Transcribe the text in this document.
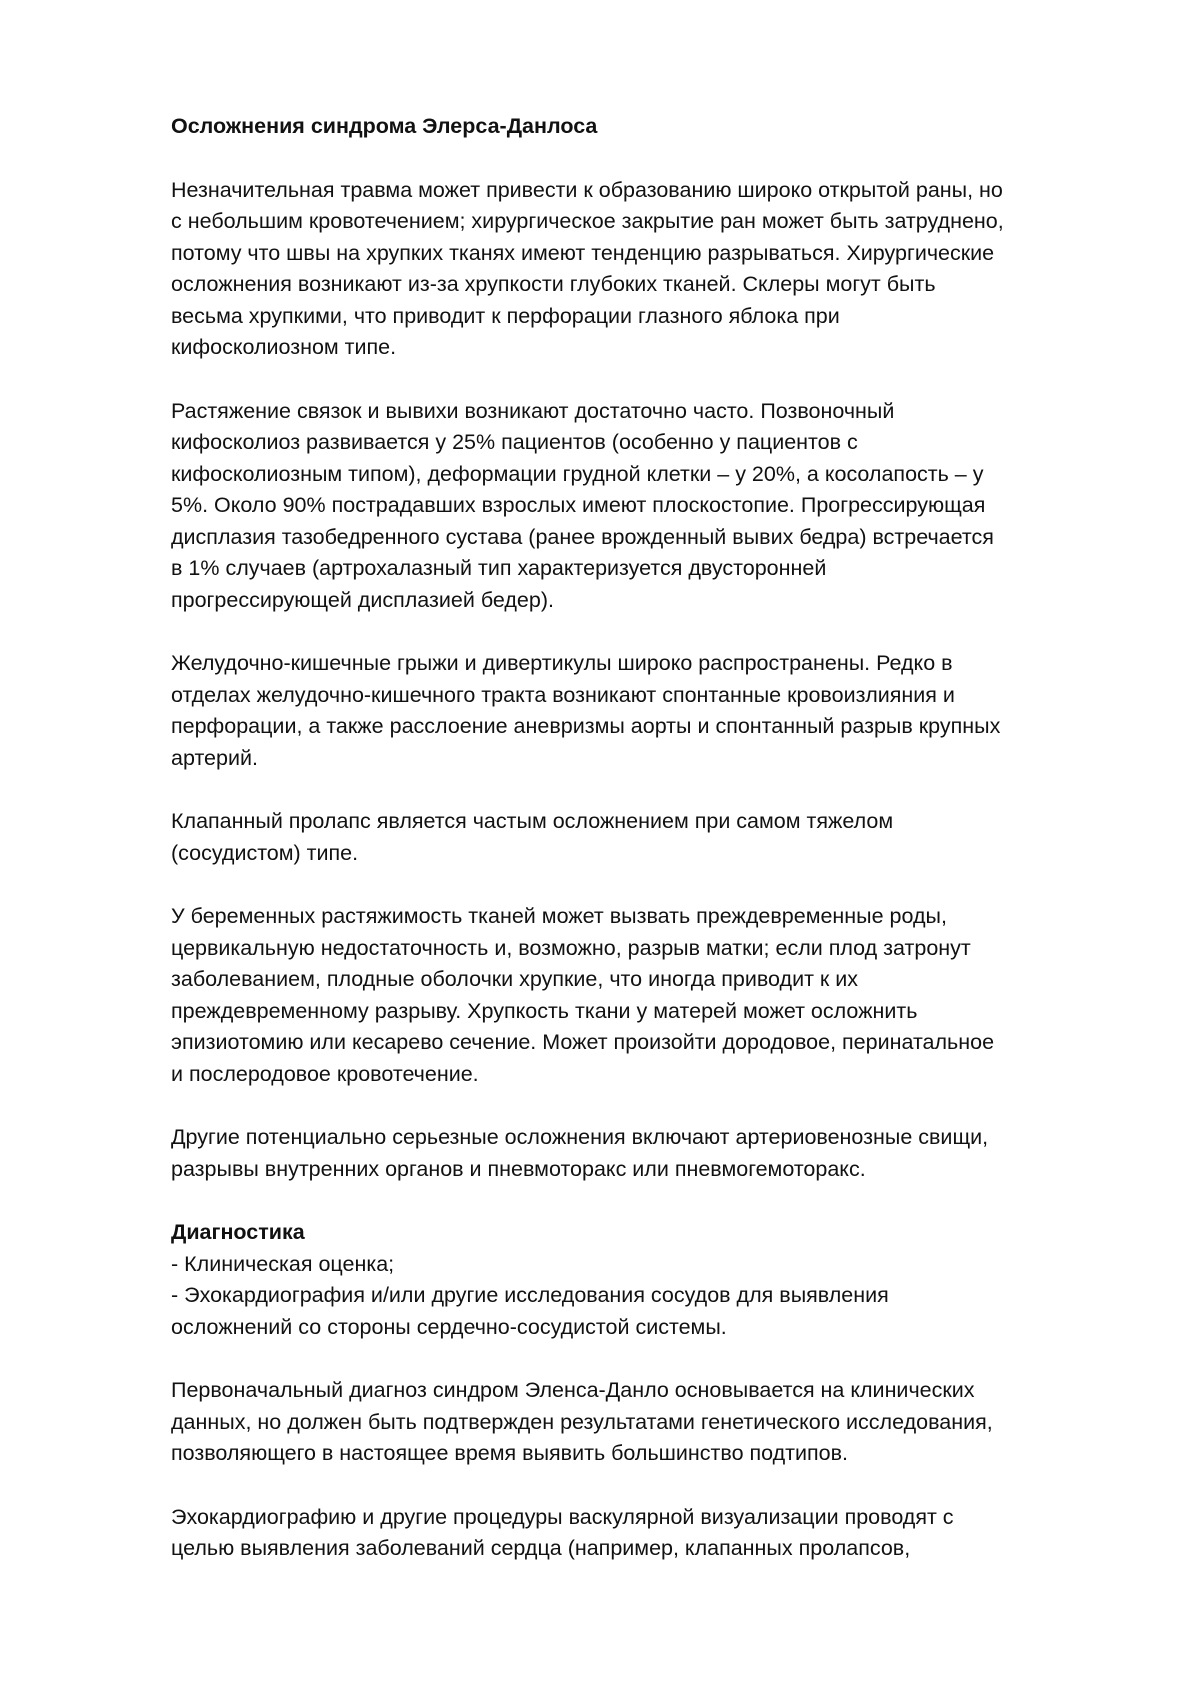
Осложнения синдрома Элерса-Данлоса

Незначительная травма может привести к образованию широко открытой раны, но
с небольшим кровотечением; хирургическое закрытие ран может быть затруднено,
потому что швы на хрупких тканях имеют тенденцию разрываться. Хирургические
осложнения возникают из-за хрупкости глубоких тканей. Склеры могут быть
весьма хрупкими, что приводит к перфорации глазного яблока при
кифосколиозном типе.

Растяжение связок и вывихи возникают достаточно часто. Позвоночный
кифосколиоз развивается у 25% пациентов (особенно у пациентов с
кифосколиозным типом), деформации грудной клетки – у 20%, а косолапость – у
5%. Около 90% пострадавших взрослых имеют плоскостопие. Прогрессирующая
дисплазия тазобедренного сустава (ранее врожденный вывих бедра) встречается
в 1% случаев (артрохалазный тип характеризуется двусторонней
прогрессирующей дисплазией бедер).

Желудочно-кишечные грыжи и дивертикулы широко распространены. Редко в
отделах желудочно-кишечного тракта возникают спонтанные кровоизлияния и
перфорации, а также расслоение аневризмы аорты и спонтанный разрыв крупных
артерий.

Клапанный пролапс является частым осложнением при самом тяжелом
(сосудистом) типе.

У беременных растяжимость тканей может вызвать преждевременные роды,
цервикальную недостаточность и, возможно, разрыв матки; если плод затронут
заболеванием, плодные оболочки хрупкие, что иногда приводит к их
преждевременному разрыву. Хрупкость ткани у матерей может осложнить
эпизиотомию или кесарево сечение. Может произойти дородовое, перинатальное
и послеродовое кровотечение.

Другие потенциально серьезные осложнения включают артериовенозные свищи,
разрывы внутренних органов и пневмоторакс или пневмогемоторакс.

Диагностика

- Клиническая оценка;
- Эхокардиография и/или другие исследования сосудов для выявления
осложнений со стороны сердечно-сосудистой системы.

Первоначальный диагноз синдром Эленса-Данло основывается на клинических
данных, но должен быть подтвержден результатами генетического исследования,
позволяющего в настоящее время выявить большинство подтипов.

Эхокардиографию и другие процедуры васкулярной визуализации проводят с
целью выявления заболеваний сердца (например, клапанных пролапсов,
